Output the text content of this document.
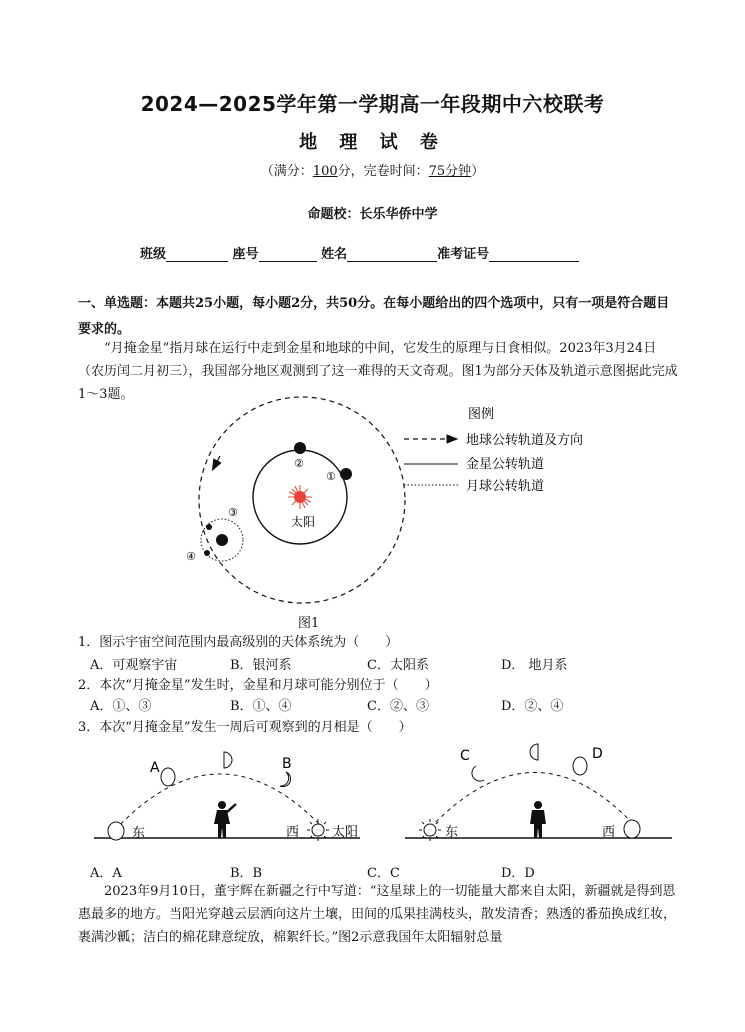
2024—2025学年第一学期高一年段期中六校联考
地 理 试 卷
（满分：100分，完卷时间：75分钟）
命题校：长乐华侨中学
班级	座号	姓名	准考证号
一、单选题：本题共25小题，每小题2分，共50分。在每小题给出的四个选项中，只有一项是符合题目要求的。
“月掩金星”指月球在运行中走到金星和地球的中间，它发生的原理与日食相似。2023年3月24日（农历闰二月初三），我国部分地区观测到了这一难得的天文奇观。图1为部分天体及轨道示意图据此完成1～3题。
太阳
②
①
③
④
图例
地球公转轨道及方向
金星公转轨道
月球公转轨道
图1
1．图示宇宙空间范围内最高级别的天体系统为（　　）
A．可观察宇宙	B．银河系	C．太阳系	D． 地月系
2．本次“月掩金星”发生时，金星和月球可能分别位于（　　）
A．①、③	B．①、④	C．②、③	D．②、④
3．本次“月掩金星”发生一周后可观察到的月相是（　　）
东
A	B
西	太阳	东
C	D
西
A．A	B．B	C．C	D．D
2023年9月10日，董宇辉在新疆之行中写道：“这星球上的一切能量大都来自太阳，新疆就是得到恩惠最多的地方。当阳光穿越云层洒向这片土壤，田间的瓜果挂满枝头，散发清香；熟透的番茄换成红妆，裹满沙瓤；洁白的棉花肆意绽放，棉絮纤长。”图2示意我国年太阳辐射总量
